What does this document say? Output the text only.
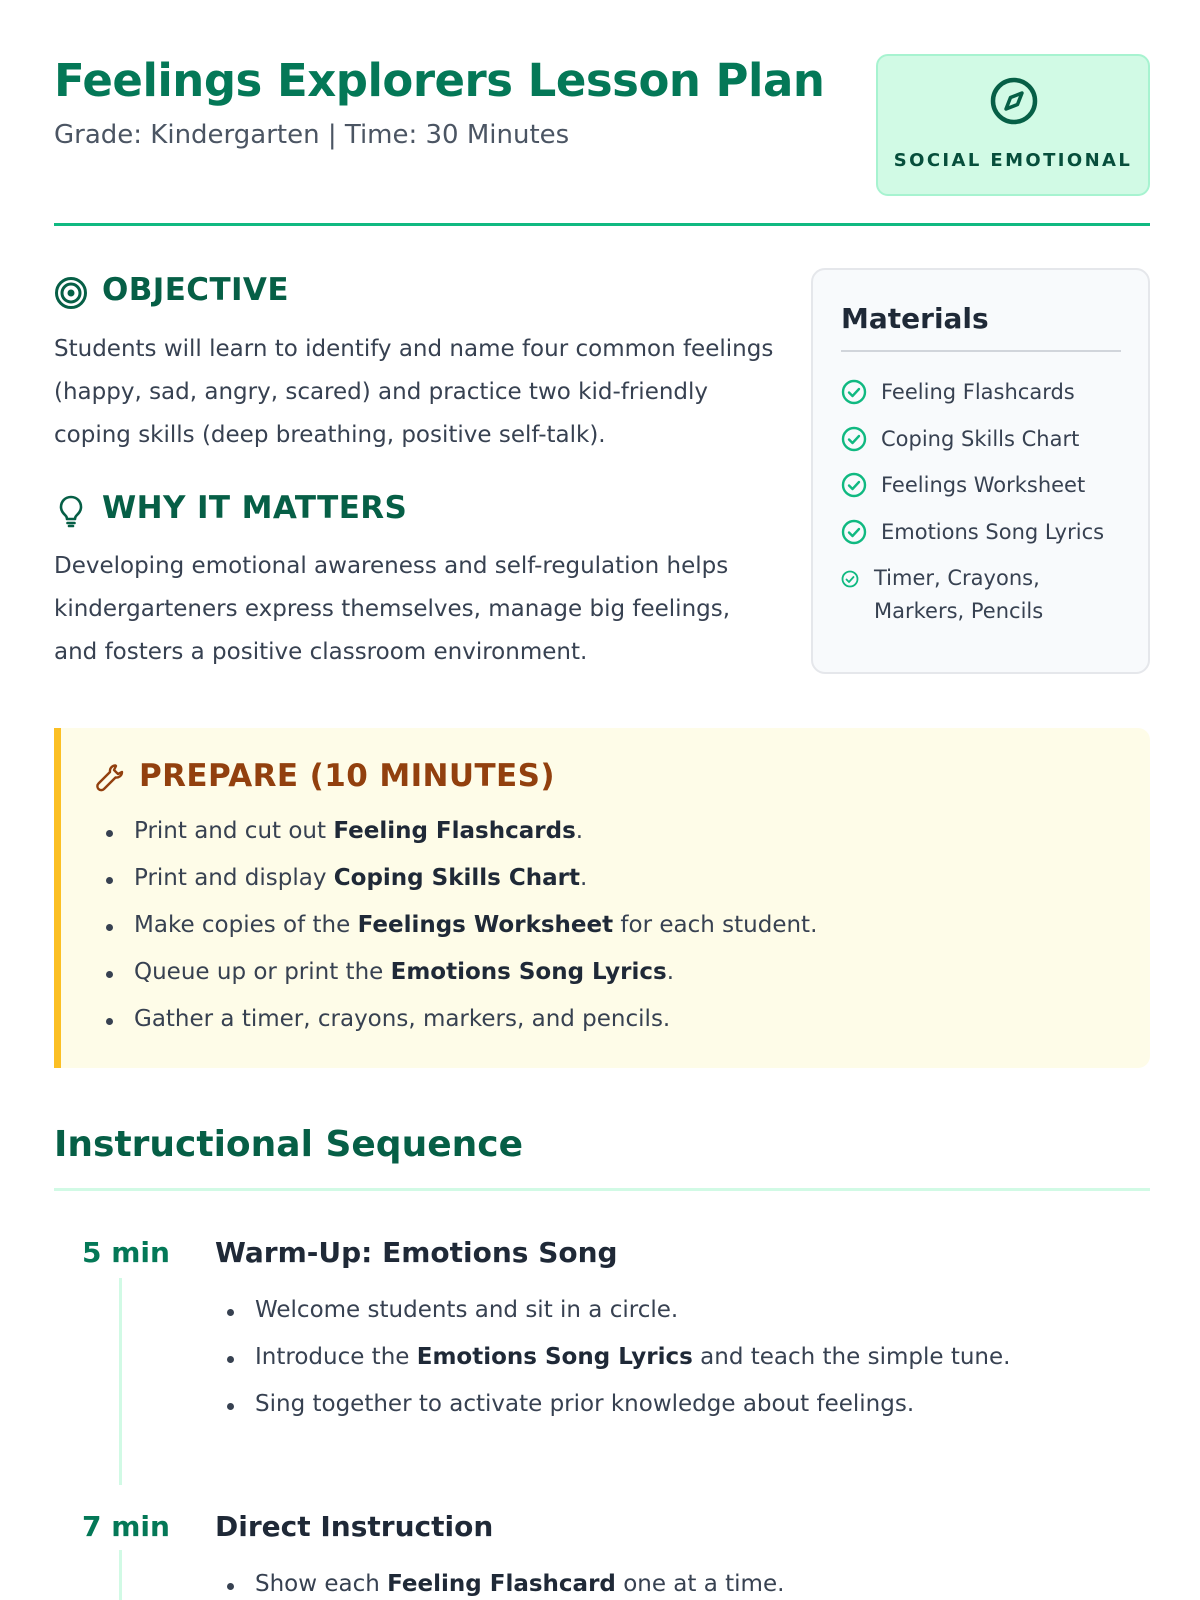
Feelings Explorers Lesson Plan
Grade: Kindergarten | Time: 30 Minutes
SOCIAL EMOTIONAL
OBJECTIVE

Students will learn to identify and name four common feelings (happy, sad, angry, scared) and practice two kid-friendly coping skills (deep breathing, positive self-talk).

WHY IT MATTERS

Developing emotional awareness and self-regulation helps kindergarteners express themselves, manage big feelings, and fosters a positive classroom environment.

Materials
Feeling Flashcards
Coping Skills Chart
Feelings Worksheet
Emotions Song Lyrics
Timer, Crayons,
Markers, Pencils
PREPARE (10 MINUTES)
Print and cut out Feeling Flashcards.
Print and display Coping Skills Chart.
Make copies of the Feelings Worksheet for each student.
Queue up or print the Emotions Song Lyrics.
Gather a timer, crayons, markers, and pencils.
Instructional Sequence
5 min Warm-Up: Emotions Song
Welcome students and sit in a circle.
Introduce the Emotions Song Lyrics and teach the simple tune.
Sing together to activate prior knowledge about feelings.
7 min Direct Instruction
Show each Feeling Flashcard one at a time.
